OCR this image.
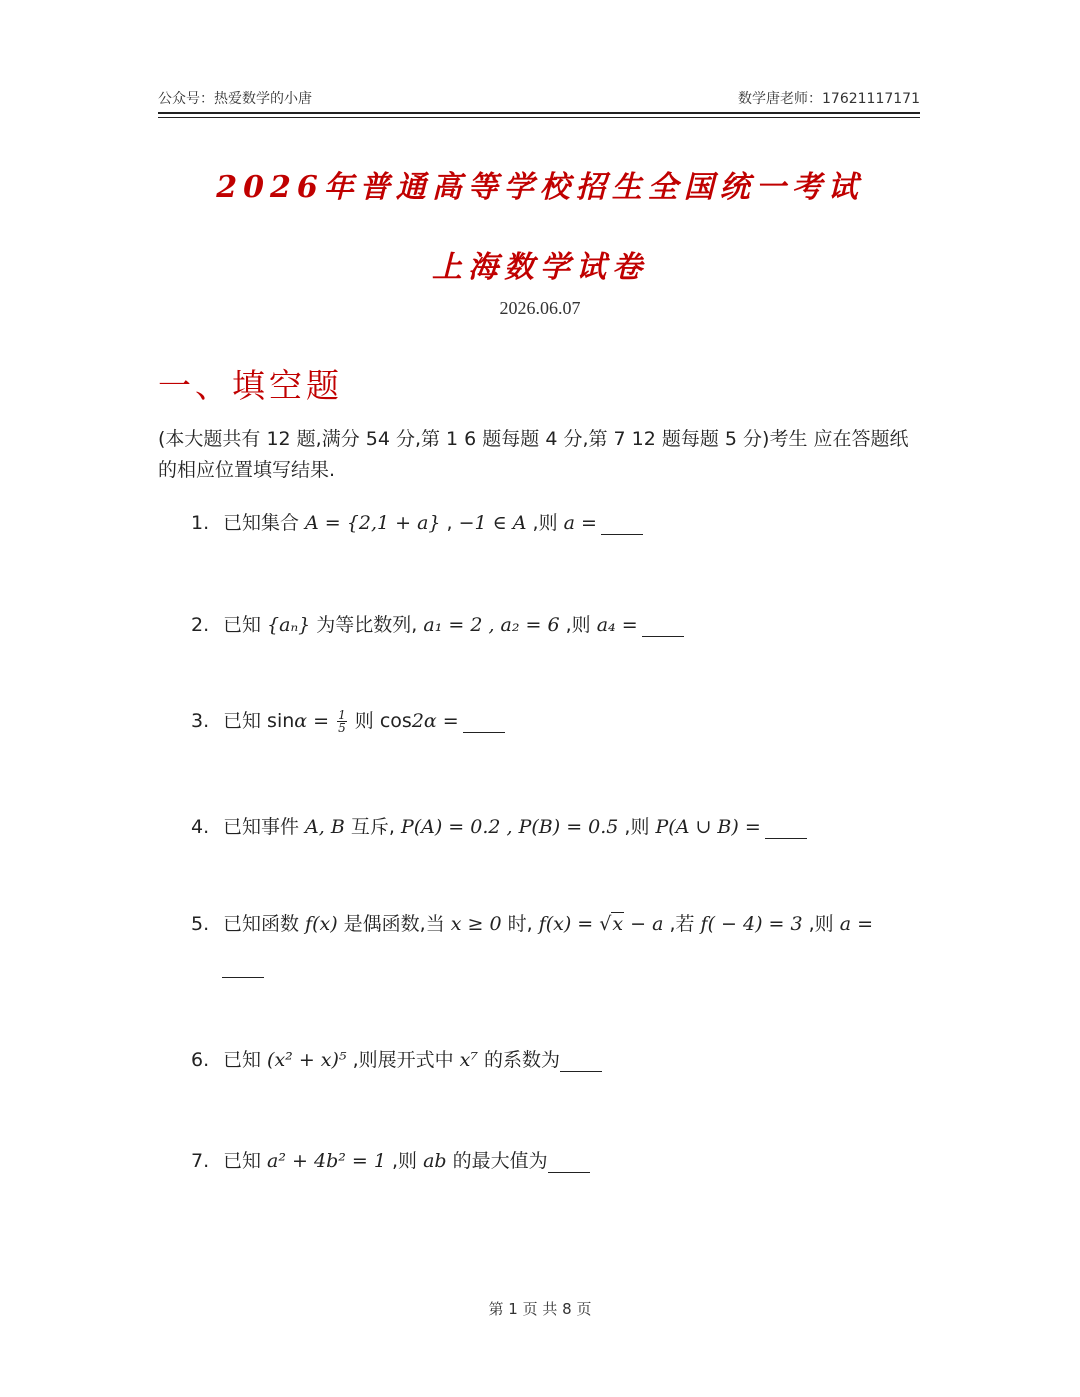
公众号：热爱数学的小唐	数学唐老师：17621117171
2026年普通高等学校招生全国统一考试
上海数学试卷
2026.06.07
一、填空题
(本大题共有 12 题,满分 54 分,第 1 6 题每题 4 分,第 7 12 题每题 5 分)考生 应在答题纸的相应位置填写结果.
1. 已知集合 A = {2,1 + a} , −1 ∈ A ,则 a =
2. 已知 {aₙ} 为等比数列, a₁ = 2 , a₂ = 6 ,则 a₄ =
3. 已知 $\sin\alpha = \frac{1}{5}$ 则 cos2α =
4. 已知事件 A, B 互斥, P(A) = 0.2 , P(B) = 0.5 ,则 P(A ∪ B) =
5. 已知函数 f(x) 是偶函数,当 x ≥ 0 时, f(x) = √x − a ,若 f( − 4) = 3 ,则 a =
6. 已知 (x² + x)⁵ ,则展开式中 x⁷ 的系数为
7. 已知 a² + 4b² = 1 ,则 ab 的最大值为
第 1 页 共 8 页
